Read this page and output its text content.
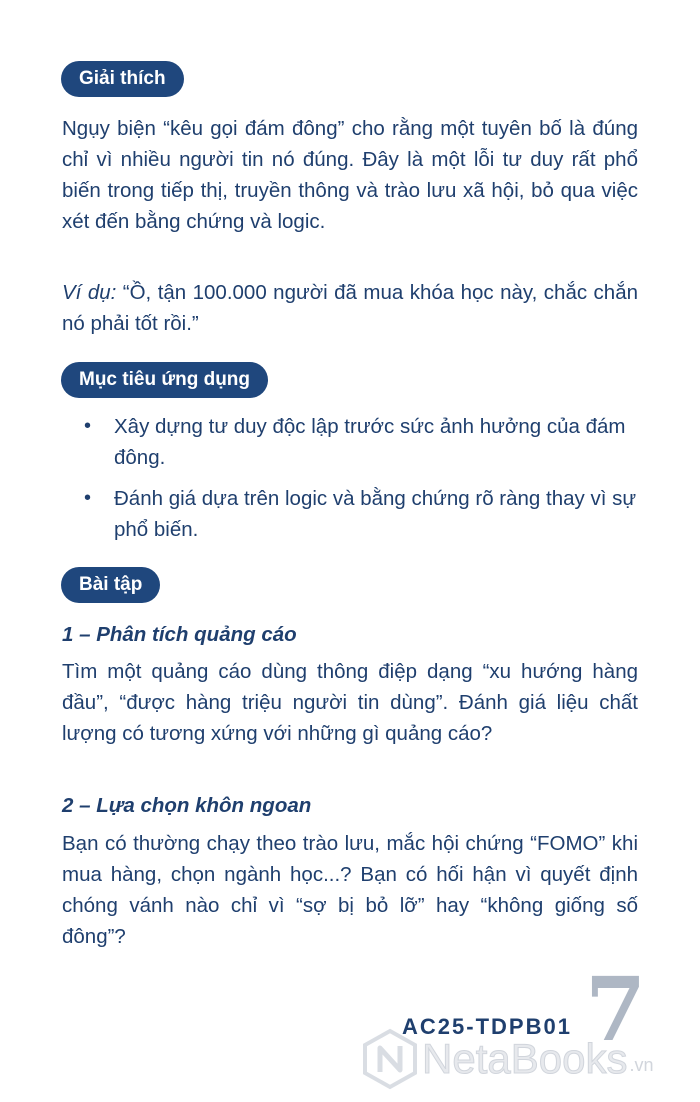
Giải thích

Ngụy biện “kêu gọi đám đông” cho rằng một tuyên bố là đúng chỉ vì nhiều người tin nó đúng. Đây là một lỗi tư duy rất phổ biến trong tiếp thị, truyền thông và trào lưu xã hội, bỏ qua việc xét đến bằng chứng và logic.

Ví dụ: “Ồ, tận 100.000 người đã mua khóa học này, chắc chắn nó phải tốt rồi.”

Mục tiêu ứng dụng
• Xây dựng tư duy độc lập trước sức ảnh hưởng của đám đông.
• Đánh giá dựa trên logic và bằng chứng rõ ràng thay vì sự phổ biến.
Bài tập

1 – Phân tích quảng cáo

Tìm một quảng cáo dùng thông điệp dạng “xu hướng hàng đầu”, “được hàng triệu người tin dùng”. Đánh giá liệu chất lượng có tương xứng với những gì quảng cáo?

2 – Lựa chọn khôn ngoan

Bạn có thường chạy theo trào lưu, mắc hội chứng “FOMO” khi mua hàng, chọn ngành học...? Bạn có hối hận vì quyết định chóng vánh nào chỉ vì “sợ bị bỏ lỡ” hay “không giống số đông”?

7
AC25-TDPB01
NetaBooks .vn
